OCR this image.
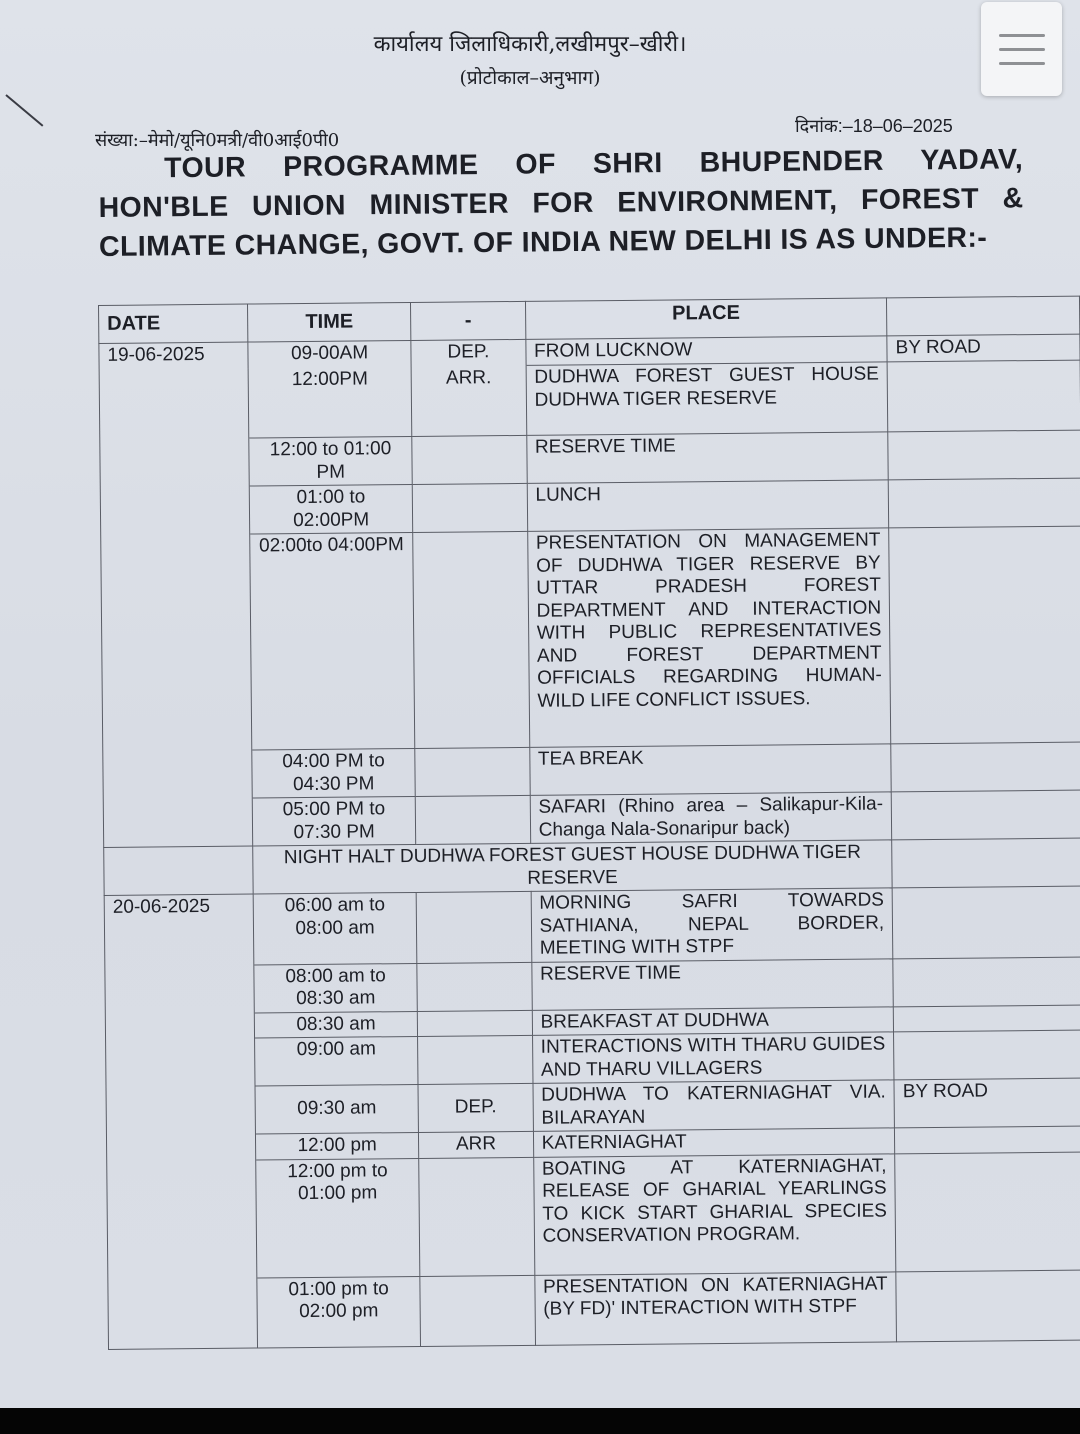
कार्यालय जिलाधिकारी,लखीमपुर–खीरी।
(प्रोटोकाल–अनुभाग)
संख्या:–मेमो/यूनि0मत्री/वी0आई0पी0
दिनांक:–18–06–2025
TOUR PROGRAMME OF SHRI BHUPENDER YADAV,
HON'BLE UNION MINISTER FOR ENVIRONMENT, FOREST &
CLIMATE CHANGE, GOVT. OF INDIA NEW DELHI IS AS UNDER:-
DATE	TIME	-	PLACE	
19-06-2025	09-00AM	DEP.	FROM LUCKNOW	BY ROAD
	12:00PM	ARR.	DUDHWA FOREST GUEST HOUSE DUDHWA TIGER RESERVE	
	12:00 to 01:00 PM		RESERVE TIME	
	01:00 to 02:00PM		LUNCH	
	02:00to 04:00PM		PRESENTATION ON MANAGEMENT OF DUDHWA TIGER RESERVE BY UTTAR PRADESH FOREST DEPARTMENT AND INTERACTION WITH PUBLIC REPRESENTATIVES AND FOREST DEPARTMENT OFFICIALS REGARDING HUMAN-WILD LIFE CONFLICT ISSUES.	
	04:00 PM to 04:30 PM		TEA BREAK	
	05:00 PM to 07:30 PM		SAFARI (Rhino area – Salikapur-Kila- Changa Nala-Sonaripur back)	
	NIGHT HALT DUDHWA FOREST GUEST HOUSE DUDHWA TIGER RESERVE			
20-06-2025	06:00 am to 08:00 am		MORNING SAFRI TOWARDS SATHIANA, NEPAL BORDER, MEETING WITH STPF	
	08:00 am to 08:30 am		RESERVE TIME	
	08:30 am		BREAKFAST AT DUDHWA	
	09:00 am		INTERACTIONS WITH THARU GUIDES AND THARU VILLAGERS	
	09:30 am	DEP.	DUDHWA TO KATERNIAGHAT VIA. BILARAYAN	BY ROAD
	12:00 pm	ARR	KATERNIAGHAT	
	12:00 pm to 01:00 pm		BOATING AT KATERNIAGHAT, RELEASE OF GHARIAL YEARLINGS TO KICK START GHARIAL SPECIES CONSERVATION PROGRAM.	
	01:00 pm to 02:00 pm		PRESENTATION ON KATERNIAGHAT (BY FD)' INTERACTION WITH STPF	
